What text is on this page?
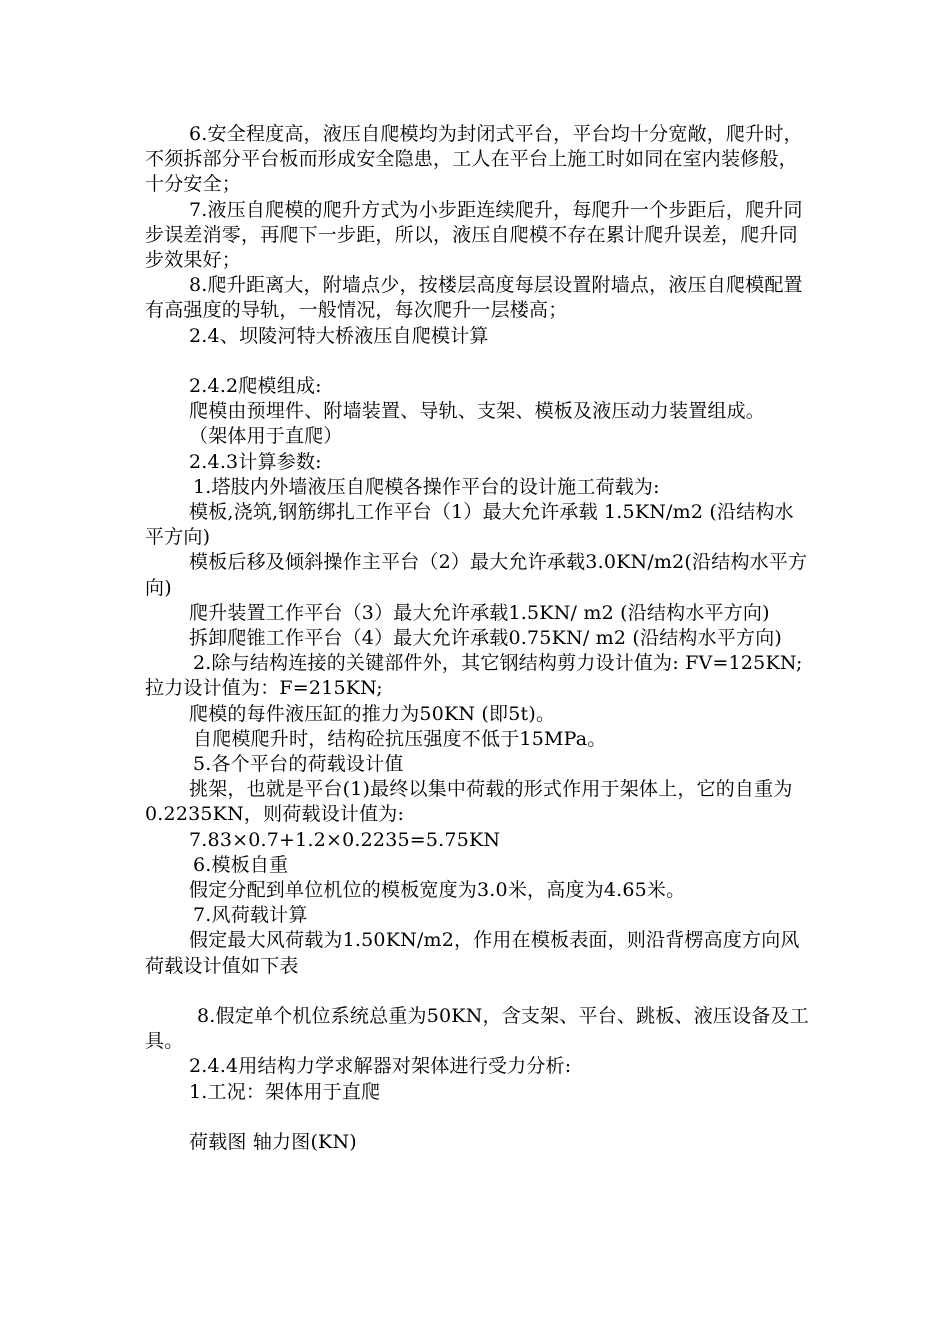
6.安全程度高，液压自爬模均为封闭式平台，平台均十分宽敞，爬升时，不须拆部分平台板而形成安全隐患，工人在平台上施工时如同在室内装修般，十分安全；

7.液压自爬模的爬升方式为小步距连续爬升，每爬升一个步距后，爬升同步误差消零，再爬下一步距，所以，液压自爬模不存在累计爬升误差，爬升同步效果好；

8.爬升距离大，附墙点少，按楼层高度每层设置附墙点，液压自爬模配置有高强度的导轨，一般情况，每次爬升一层楼高；

2.4、坝陵河特大桥液压自爬模计算

2.4.2爬模组成:

爬模由预埋件、附墙装置、导轨、支架、模板及液压动力装置组成。

（架体用于直爬）

2.4.3计算参数:

1.塔肢内外墙液压自爬模各操作平台的设计施工荷载为:

模板,浇筑,钢筋绑扎工作平台（1）最大允许承载 1.5KN/m2 (沿结构水平方向)

模板后移及倾斜操作主平台（2）最大允许承载3.0KN/m2(沿结构水平方向)

爬升装置工作平台（3）最大允许承载1.5KN/ m2 (沿结构水平方向)

拆卸爬锥工作平台（4）最大允许承载0.75KN/ m2 (沿结构水平方向)

2.除与结构连接的关键部件外，其它钢结构剪力设计值为: FV=125KN;拉力设计值为：F=215KN;

爬模的每件液压缸的推力为50KN (即5t)。

自爬模爬升时，结构砼抗压强度不低于15MPa。

5.各个平台的荷载设计值

挑架，也就是平台(1)最终以集中荷载的形式作用于架体上，它的自重为0.2235KN，则荷载设计值为:

7.83×0.7+1.2×0.2235=5.75KN

6.模板自重

假定分配到单位机位的模板宽度为3.0米，高度为4.65米。

7.风荷载计算

假定最大风荷载为1.50KN/m2，作用在模板表面，则沿背楞高度方向风荷载设计值如下表

8.假定单个机位系统总重为50KN，含支架、平台、跳板、液压设备及工具。

2.4.4用结构力学求解器对架体进行受力分析:

1.工况：架体用于直爬

荷载图 轴力图(KN)
